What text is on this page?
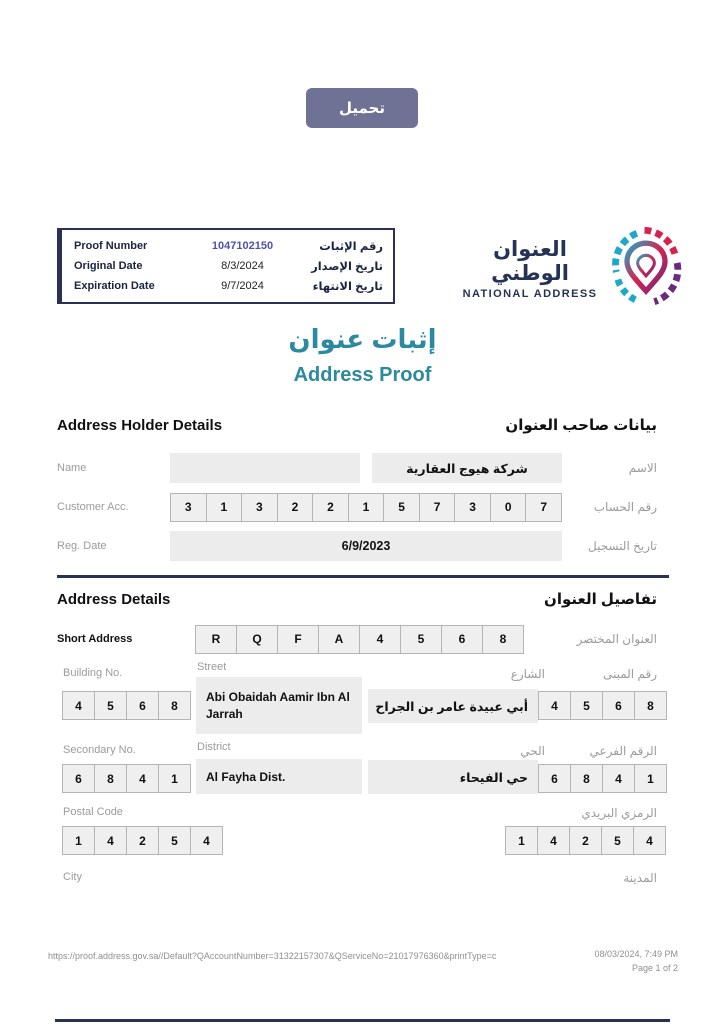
تحميل
Proof Number	1047102150	رقم الإثبات
Original Date	8/3/2024	تاريخ الإصدار
Expiration Date	9/7/2024	تاريخ الانتهاء
العنوان الوطني
NATIONAL ADDRESS
إثبات عنوان
Address Proof
Address Holder Details	بيانات صاحب العنوان
Name	شركة هيوج العقارية	الاسم
Customer Acc.	3	1	3	2	2	1	5	7	3	0	7	رقم الحساب
Reg. Date	6/9/2023	تاريخ التسجيل
Address Details	تفاصيل العنوان
Short Address	R	Q	F	A	4	5	6	8	العنوان المختصر
Building No.
4	5	6	8
Street
Abi Obaidah Aamir Ibn Al Jarrah	أبي عبيدة عامر بن الجراح
الشارع	رقم المبنى
4	5	6	8
Secondary No.
6	8	4	1
District
Al Fayha Dist.	حي الفيحاء
الحي	الرقم الفرعي
6	8	4	1
Postal Code
1	4	2	5	4
الرمزي البريدي
1	4	2	5	4
City	المدينة
https://proof.address.gov.sa//Default?QAccountNumber=31322157307&QServiceNo=21017976360&printType=c	08/03/2024, 7:49 PM
Page 1 of 2
